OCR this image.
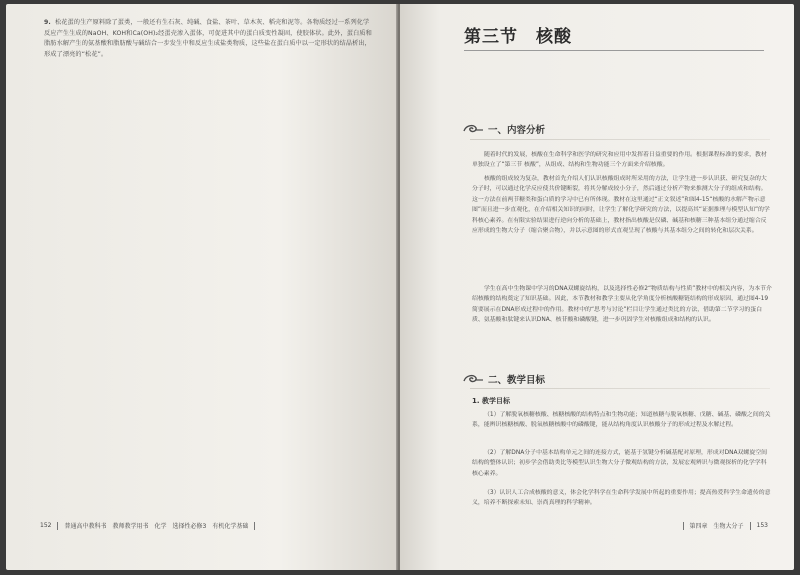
9. 松花蛋的生产原料除了蛋类，一般还有生石灰、纯碱、食盐、茶叶、草木灰、稻壳和泥等。各物质经过一系列化学反应产生生成的NaOH、KOH和Ca(OH)₂经蛋壳渗入蛋体，可促进其中的蛋白质变性凝固，使胶体状。此外，蛋白质和脂肪水解产生的氨基酸和脂肪酸与碱结合一步发生中和反应生成盐类物质，这些盐在蛋白质中以一定形状的结晶析出，形成了漂亮的“松花”。
152 普通高中教科书 教师教学用书 化学 选择性必修3 有机化学基础
第三节　核酸
一、内容分析
随着时代的发展，核酸在生命科学和医学的研究和应用中发挥着日益重要的作用。根据课程标准的要求，教材单独设立了“第三节 核酸”，从组成、结构和生物功能三个方面来介绍核酸。
核酸的组成较为复杂，教材首先介绍人们认识核酸组成时所采用的方法，让学生进一步认识获、研究复杂的大分子时，可以通过化学反应使共价键断裂，将其分解成较小分子，然后通过分析产物来推测大分子的组成和结构。这一方法在前两节糖类和蛋白质的学习中已有所体现。教材在这里通过“正文叙述”和图4-15“核酸的水解产物示意图”而且进一步直观化，在介绍相关知识的同时，让学生了解化学研究的方法，以提高其“证据推理与模型认知”的学科核心素养。在有限实验结果进行逆向分析的基础上，教材指出核酸是仅磷、碱基和核糖三种基本组分通过缩合反应形成的生物大分子（缩合聚合物），并以示意图的形式直观呈现了核酸与其基本组分之间的转化和层次关系。
学生在高中生物课中学习的DNA双螺旋结构，以及选择性必修2“物质结构与性质”教材中的相关内容，为本节介绍核酸的结构奠定了知识基础。因此，本节教材和教学主要从化学角度分析核酸糖链结构的形成原因，通过图4-19简要展示在DNA形成过程中的作用。教材中的“思考与讨论”栏目让学生通过类比的方法，借助第二节学习的蛋白质、氨基酸和肽键来认识DNA、核苷酸和磷酸键，进一步巩固学生对核酸组成和结构的认识。
二、教学目标
1. 教学目标
（1）了解脱氧核糖核酸、核糖核酸的结构特点和生物功能；知道核糖与脱氧核糖、戊糖、碱基、磷酸之间的关系，能辨识核糖核酸、脱氧核糖核酸中的磷酸键，能从结构角度认识核酸分子的形成过程及水解过程。
（2）了解DNA分子中基本结构单元之间的连接方式，能基于氢键分析碱基配对原理，形成对DNA双螺旋空间结构的整体认识；初步学会借助类比等模型认识生物大分子微观结构的方法，发展宏观辨识与微观探析的化学学科核心素养。
（3）认识人工合成核酸的意义，体会化学科学在生命科学发展中所起的重要作用；提高热爱科学生命遗传的意义，培养不断探索未知、崇尚真理的科学精神。
第四章 生物大分子 153
